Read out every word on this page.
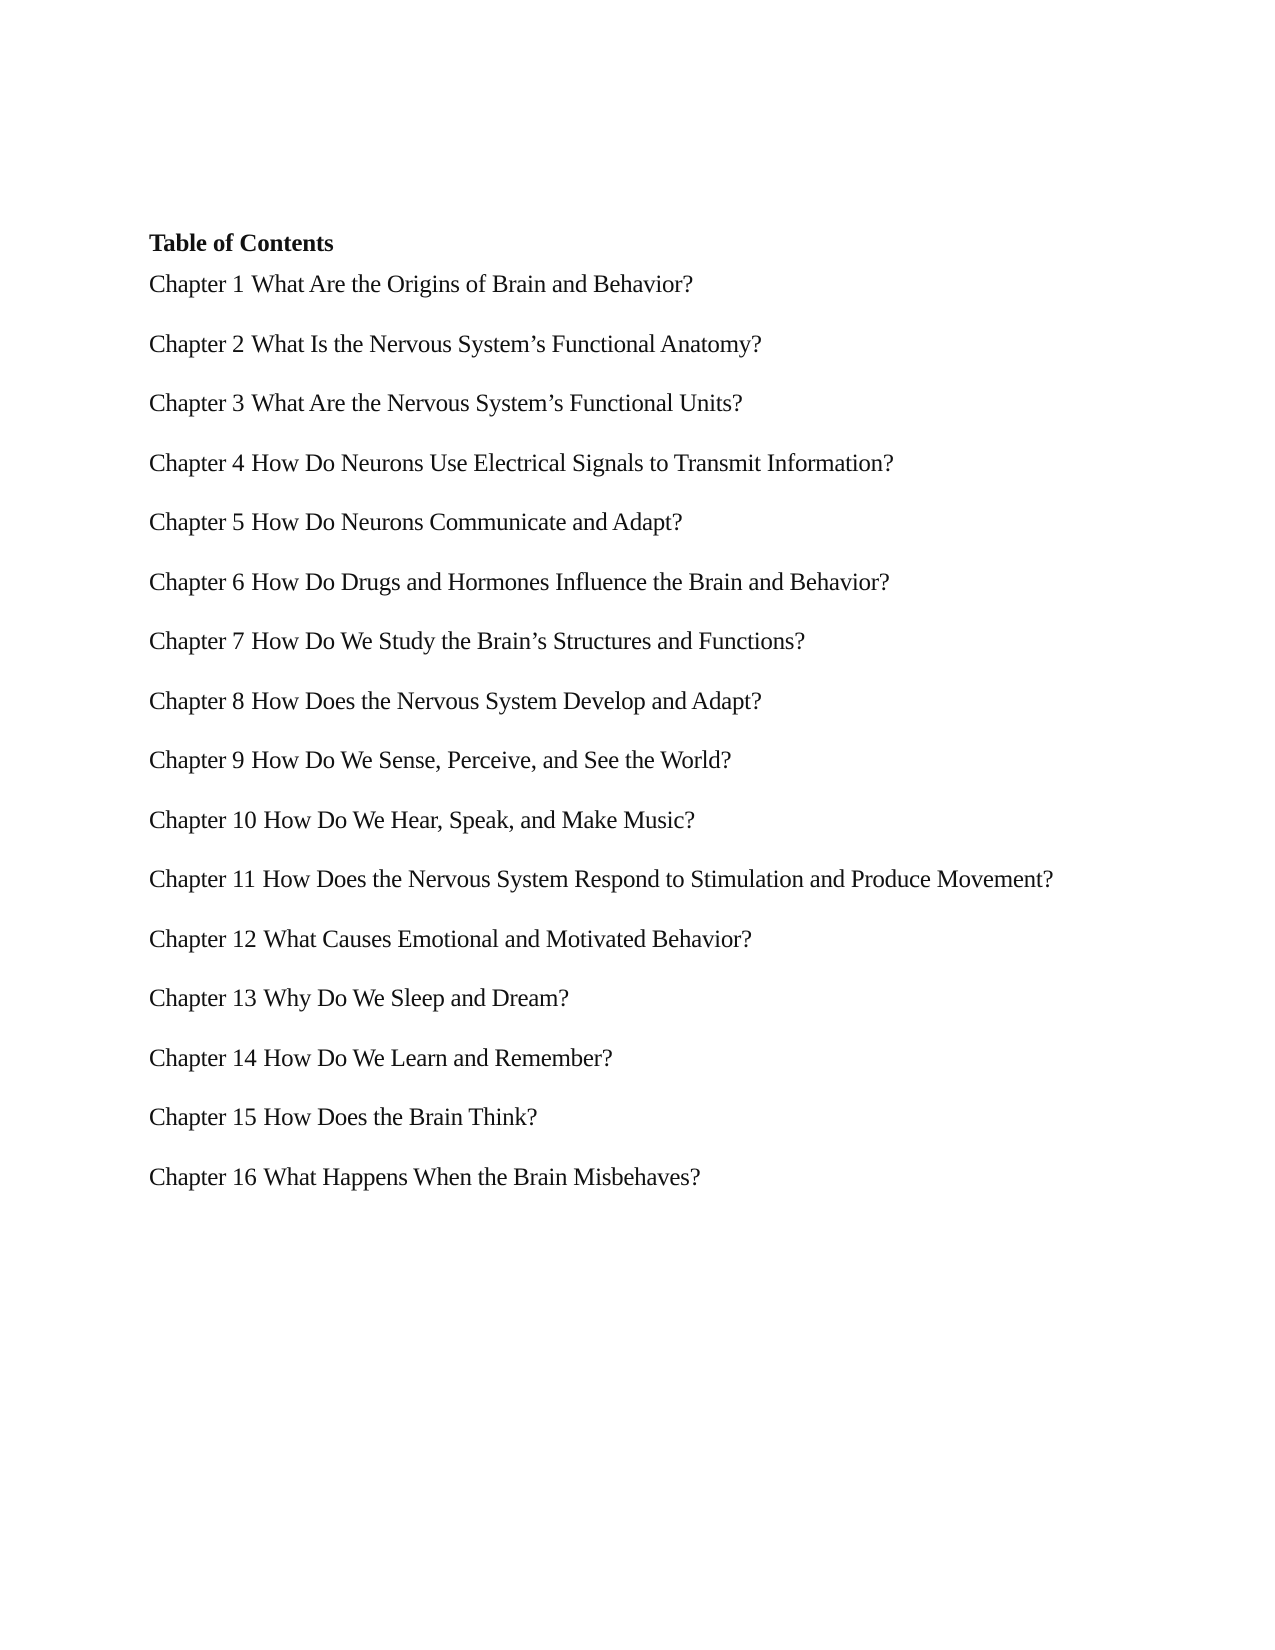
Table of Contents
Chapter 1 What Are the Origins of Brain and Behavior?
Chapter 2 What Is the Nervous System’s Functional Anatomy?
Chapter 3 What Are the Nervous System’s Functional Units?
Chapter 4 How Do Neurons Use Electrical Signals to Transmit Information?
Chapter 5 How Do Neurons Communicate and Adapt?
Chapter 6 How Do Drugs and Hormones Influence the Brain and Behavior?
Chapter 7 How Do We Study the Brain’s Structures and Functions?
Chapter 8 How Does the Nervous System Develop and Adapt?
Chapter 9 How Do We Sense, Perceive, and See the World?
Chapter 10 How Do We Hear, Speak, and Make Music?
Chapter 11 How Does the Nervous System Respond to Stimulation and Produce Movement?
Chapter 12 What Causes Emotional and Motivated Behavior?
Chapter 13 Why Do We Sleep and Dream?
Chapter 14 How Do We Learn and Remember?
Chapter 15 How Does the Brain Think?
Chapter 16 What Happens When the Brain Misbehaves?
